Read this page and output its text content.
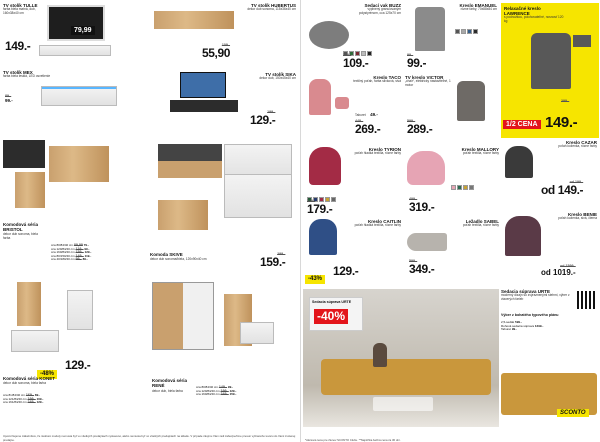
TV stolík TULLE
farba biela matná, dub, 160x38x40 cm
79,99
149.-
TV stolík HUBERTUS
dekor dub sonoma, 115x36x40 cm
109.-
55,90
TV stolík MEX
farba biela lesklá, LED osvetlenie
89.-
99.-
TV stolík SIKA
dekor dub, 150x45x40 cm
199.-
129.-
Komodová séria BRISTOL
dekor dub sonoma, biela farba
cca 80/84/40 cm 89,99 79.-
cca 120/84/40 cm 119.- 99.-
cca 160/84/40 cm 159.- 129.-
cca 80/150/40 cm 149.- 119.-
cca 40/180/40 cm 99.- 89.-
Komoda SKIVE
dekor dub sonoma/biela, 120x90x40 cm
299.-
159.-
-48%
129.-
Komodová séria KONET
dekor dub sonoma, biela farba
cca 81/84/40 cm 169.- 89.-
cca 121/84/40 cm 199.- 109.-
cca 161/84/40 cm 249.- 129.-
Komodová séria RENÉ
dekor dub, biela farba
cca 80/84/40 cm 149.- 99.-
cca 120/84/40 cm 199.- 129.-
cca 160/84/40 cm 249.- 159.-
Upozorňujeme zákazníkov, že niektoré modely nemusia byť vo všetkých predajniach vystavené, alebo nemusia byť vo všetkých predajniach na sklade. V prípade záujmu Vám radi zabezpečíme presun vybraného tovaru do Vami zvolenej predajne.
Sedací vak BUZZ
vyplnený granulovaným polystyrénom, cca 125x70 cm
159.-
109.-
Kreslo EMANUEL
rôzne farby, 70x88x84 cm
99.-
99.-
Relaxačné kreslo LAWRENCE
s podnožkou, polohovateľné, nosnosť 120 kg
299.-
1/2 CENA 149.-
Kreslo TACO
textilný poťah, farba slivková, sivá
Taburet 49.-
449.-
269.-
TV kreslo VICTOR
„chair“, elektricky nastaviteľné, 1 motor
599.-
289.-
Kreslo TYRION
poťah hladká textília, rôzne farby
249.-
179.-
Kreslo MALLORY
poťah textília, rôzne farby
499.-
319.-
Kreslo CAZAR
poťah koženka, rôzne farby
od 199.-
od 149.-
Kreslo CAITLIN
poťah hladká textília, rôzne farby
-43%
129.-
Ležadlo SABEL
poťah textília, rôzne farby
599.-
349.-
Kreslo BENIE
poťah koženka, sivá, čierna
od 1599.-
od 1019.-
Sedacia súprava URTE
-40%
Sedacia súprava URTE
moderný dizajn so zvýraznenými stehmi, výber z viacerých farieb
Výber z bohatého typového plánu
2,5-sedák 599.-
Rohová sedacia súprava 1299.-
Taburet 99.-
SCONTO
*Akciová cena pre členov SCONTO Clubu. **Najnižšia bežná cena za 30 dní.
